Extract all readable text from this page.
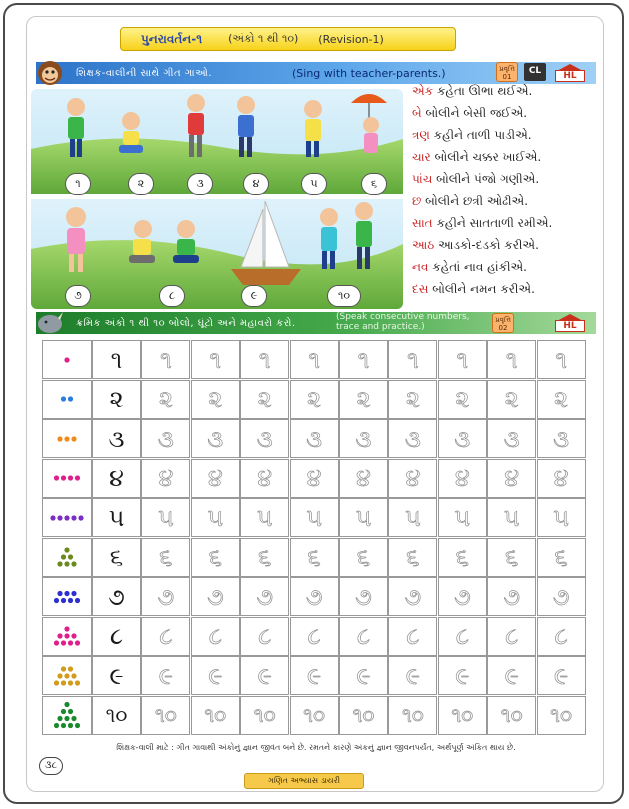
પુનરાવર્તન-૧ (અંકો ૧ થી ૧૦) (Revision-1)
શિક્ષક-વાલીની સાથે ગીત ગાઓ.	(Sing with teacher-parents.)	પ્રવૃત્તિ
01
CL	HL
૧	૨	૩	૪	૫	૬
૭	૮	૯	૧૦
એક કહેતા ઊભા થઈએ.
બે બોલીને બેસી જઈએ.
ત્રણ કહીને તાળી પાડીએ.
ચાર બોલીને ચક્કર ખાઈએ.
પાંચ બોલીને પંજો ગણીએ.
છ બોલીને છત્રી ઓઢીએ.
સાત કહીને સાતતાળી રમીએ.
આઠ આડકો-દડકો કરીએ.
નવ કહેતાં નાવ હાંકીએ.
દસ બોલીને નમન કરીએ.
ક્રમિક અંકો ૧ થી ૧૦ બોલો, ઘૂંટો અને મહાવરો કરો.
(Speak consecutive numbers,
trace and practice.)
પ્રવૃત્તિ
02	HL
૧ ૧ ૧ ૧ ૧ ૧ ૧ ૧ ૧ ૧
૨ ૨ ૨ ૨ ૨ ૨ ૨ ૨ ૨ ૨
૩ ૩ ૩ ૩ ૩ ૩ ૩ ૩ ૩ ૩
૪ ૪ ૪ ૪ ૪ ૪ ૪ ૪ ૪ ૪
૫ ૫ ૫ ૫ ૫ ૫ ૫ ૫ ૫ ૫
૬ ૬ ૬ ૬ ૬ ૬ ૬ ૬ ૬ ૬
૭ ૭ ૭ ૭ ૭ ૭ ૭ ૭ ૭ ૭
૮ ૮ ૮ ૮ ૮ ૮ ૮ ૮ ૮ ૮
૯ ૯ ૯ ૯ ૯ ૯ ૯ ૯ ૯ ૯
૧૦ ૧૦ ૧૦ ૧૦ ૧૦ ૧૦ ૧૦ ૧૦ ૧૦ ૧૦
શિક્ષક-વાલી માટે : ગીત ગાવાથી અંકોનું જ્ઞાન જીવંત બને છે. રમતને કારણે અંકનું જ્ઞાન જીવનપર્યંત, અર્થપૂર્ણ અંકિત થાય છે.
૩૮
ગણિત અભ્યાસ ડાયરી
